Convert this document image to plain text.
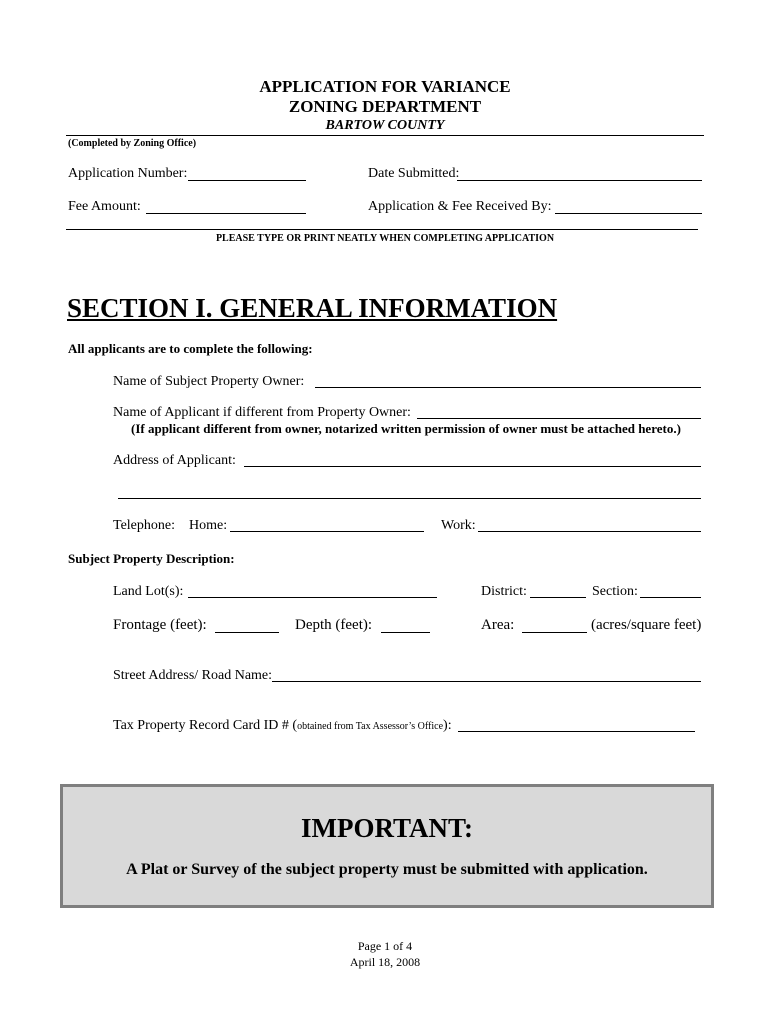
APPLICATION FOR VARIANCE
ZONING DEPARTMENT
BARTOW COUNTY
(Completed by Zoning Office)
Application Number:	Date Submitted:
Fee Amount:	Application & Fee Received By:
PLEASE TYPE OR PRINT NEATLY WHEN COMPLETING APPLICATION
SECTION I. GENERAL INFORMATION
All applicants are to complete the following:
Name of Subject Property Owner:
Name of Applicant if different from Property Owner:
(If applicant different from owner, notarized written permission of owner must be attached hereto.)
Address of Applicant:
Telephone: Home:	Work:
Subject Property Description:
Land Lot(s):	District:	Section:
Frontage (feet):	Depth (feet):	Area:	(acres/square feet)
Street Address/ Road Name:
Tax Property Record Card ID # (obtained from Tax Assessor’s Office):
IMPORTANT:
A Plat or Survey of the subject property must be submitted with application.
Page 1 of 4
April 18, 2008
